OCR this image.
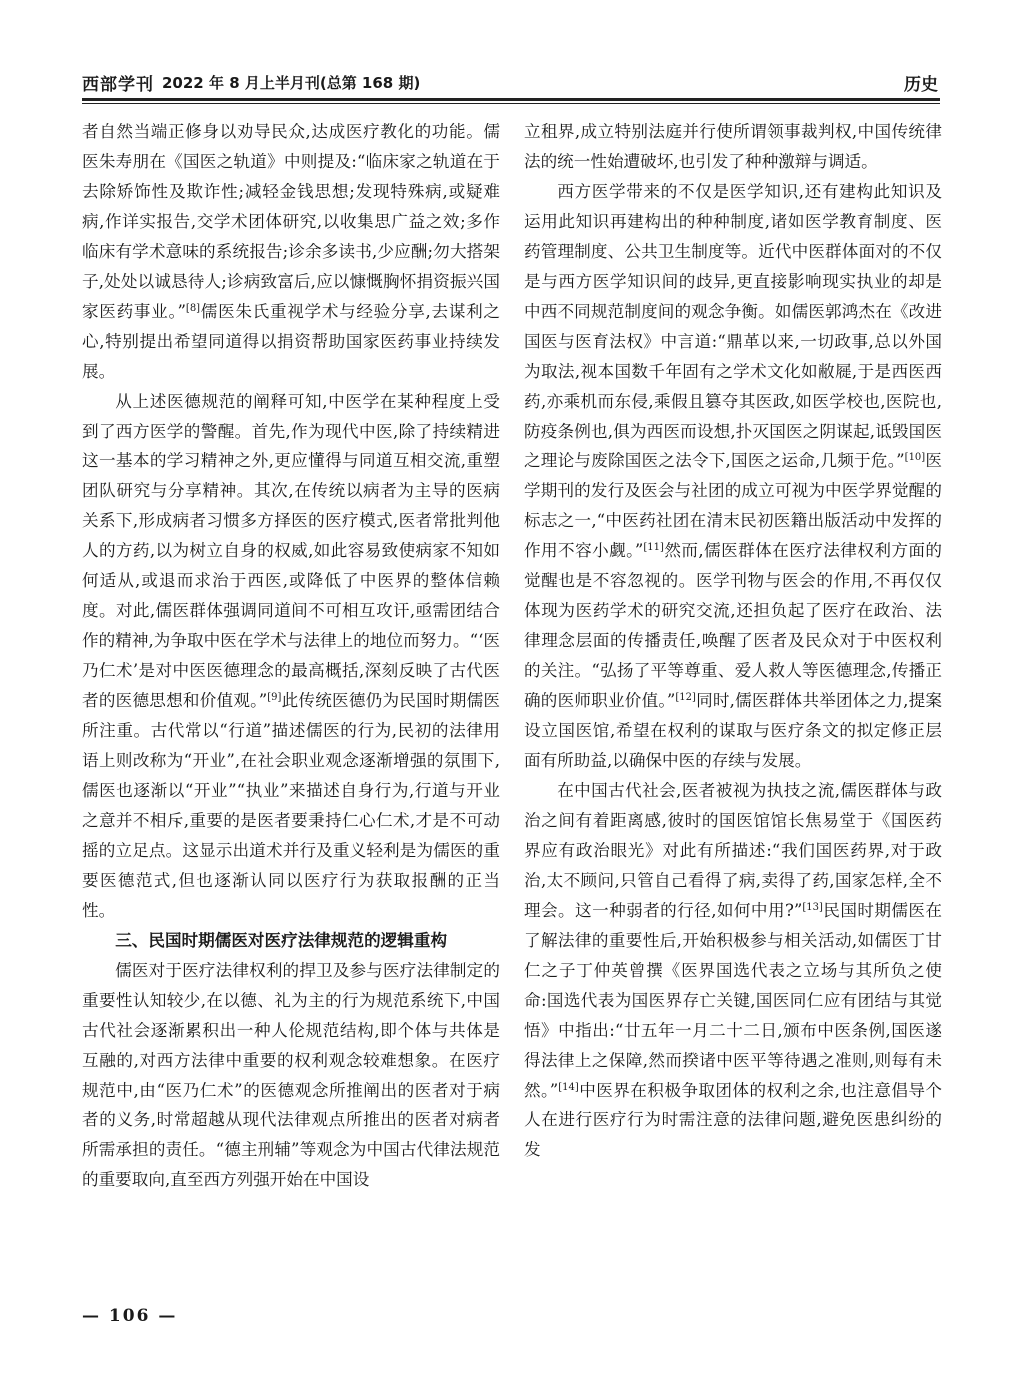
西部学刊 2022 年 8 月上半月刊(总第 168 期)	历史

者自然当端正修身以劝导民众,达成医疗教化的功能。儒医朱寿朋在《国医之轨道》中则提及:“临床家之轨道在于去除矫饰性及欺诈性;减轻金钱思想;发现特殊病,或疑难病,作详实报告,交学术团体研究,以收集思广益之效;多作临床有学术意味的系统报告;诊余多读书,少应酬;勿大搭架子,处处以诚恳待人;诊病致富后,应以慷慨胸怀捐资振兴国家医药事业。”[8]儒医朱氏重视学术与经验分享,去谋利之心,特别提出希望同道得以捐资帮助国家医药事业持续发展。

从上述医德规范的阐释可知,中医学在某种程度上受到了西方医学的警醒。首先,作为现代中医,除了持续精进这一基本的学习精神之外,更应懂得与同道互相交流,重塑团队研究与分享精神。其次,在传统以病者为主导的医病关系下,形成病者习惯多方择医的医疗模式,医者常批判他人的方药,以为树立自身的权威,如此容易致使病家不知如何适从,或退而求治于西医,或降低了中医界的整体信赖度。对此,儒医群体强调同道间不可相互攻讦,亟需团结合作的精神,为争取中医在学术与法律上的地位而努力。“‘医乃仁术’是对中医医德理念的最高概括,深刻反映了古代医者的医德思想和价值观。”[9]此传统医德仍为民国时期儒医所注重。古代常以“行道”描述儒医的行为,民初的法律用语上则改称为“开业”,在社会职业观念逐渐增强的氛围下,儒医也逐渐以“开业”“执业”来描述自身行为,行道与开业之意并不相斥,重要的是医者要秉持仁心仁术,才是不可动摇的立足点。这显示出道术并行及重义轻利是为儒医的重要医德范式,但也逐渐认同以医疗行为获取报酬的正当性。

三、民国时期儒医对医疗法律规范的逻辑重构

儒医对于医疗法律权利的捍卫及参与医疗法律制定的重要性认知较少,在以德、礼为主的行为规范系统下,中国古代社会逐渐累积出一种人伦规范结构,即个体与共体是互融的,对西方法律中重要的权利观念较难想象。在医疗规范中,由“医乃仁术”的医德观念所推阐出的医者对于病者的义务,时常超越从现代法律观点所推出的医者对病者所需承担的责任。“德主刑辅”等观念为中国古代律法规范的重要取向,直至西方列强开始在中国设

立租界,成立特别法庭并行使所谓领事裁判权,中国传统律法的统一性始遭破坏,也引发了种种激辩与调适。

西方医学带来的不仅是医学知识,还有建构此知识及运用此知识再建构出的种种制度,诸如医学教育制度、医药管理制度、公共卫生制度等。近代中医群体面对的不仅是与西方医学知识间的歧异,更直接影响现实执业的却是中西不同规范制度间的观念争衡。如儒医郭鸿杰在《改进国医与医育法权》中言道:“鼎革以来,一切政事,总以外国为取法,视本国数千年固有之学术文化如敝屣,于是西医西药,亦乘机而东侵,乘假且篡夺其医政,如医学校也,医院也,防疫条例也,俱为西医而设想,扑灭国医之阴谋起,诋毁国医之理论与废除国医之法令下,国医之运命,几频于危。”[10]医学期刊的发行及医会与社团的成立可视为中医学界觉醒的标志之一,“中医药社团在清末民初医籍出版活动中发挥的作用不容小觑。”[11]然而,儒医群体在医疗法律权利方面的觉醒也是不容忽视的。医学刊物与医会的作用,不再仅仅体现为医药学术的研究交流,还担负起了医疗在政治、法律理念层面的传播责任,唤醒了医者及民众对于中医权利的关注。“弘扬了平等尊重、爱人救人等医德理念,传播正确的医师职业价值。”[12]同时,儒医群体共举团体之力,提案设立国医馆,希望在权利的谋取与医疗条文的拟定修正层面有所助益,以确保中医的存续与发展。

在中国古代社会,医者被视为执技之流,儒医群体与政治之间有着距离感,彼时的国医馆馆长焦易堂于《国医药界应有政治眼光》对此有所描述:“我们国医药界,对于政治,太不顾问,只管自己看得了病,卖得了药,国家怎样,全不理会。这一种弱者的行径,如何中用?”[13]民国时期儒医在了解法律的重要性后,开始积极参与相关活动,如儒医丁甘仁之子丁仲英曾撰《医界国选代表之立场与其所负之使命:国选代表为国医界存亡关键,国医同仁应有团结与其觉悟》中指出:“廿五年一月二十二日,颁布中医条例,国医遂得法律上之保障,然而揆诸中医平等待遇之准则,则每有未然。”[14]中医界在积极争取团体的权利之余,也注意倡导个人在进行医疗行为时需注意的法律问题,避免医患纠纷的发

— 106 —
